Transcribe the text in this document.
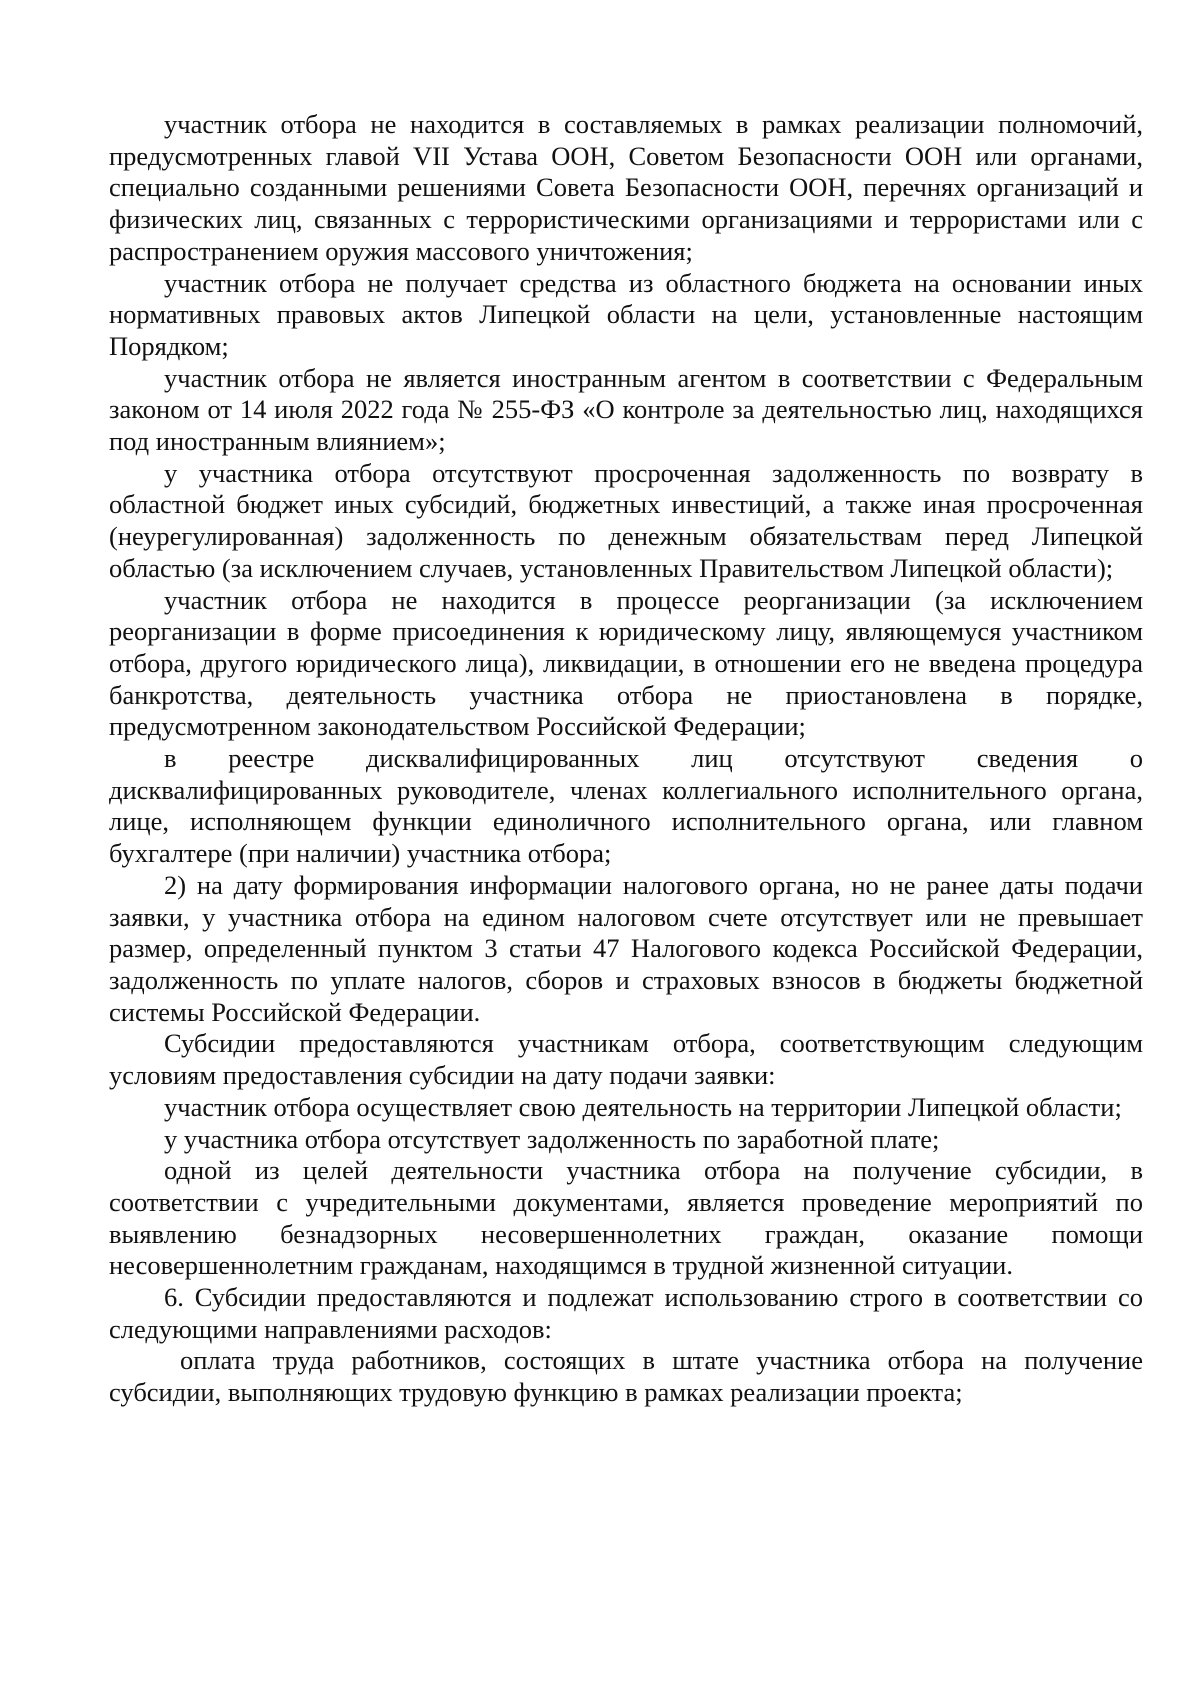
участник отбора не находится в составляемых в рамках реализации полномочий, предусмотренных главой VII Устава ООН, Советом Безопасности ООН или органами, специально созданными решениями Совета Безопасности ООН, перечнях организаций и физических лиц, связанных с террористическими организациями и террористами или с распространением оружия массового уничтожения;

участник отбора не получает средства из областного бюджета на основании иных нормативных правовых актов Липецкой области на цели, установленные настоящим Порядком;

участник отбора не является иностранным агентом в соответствии с Федеральным законом от 14 июля 2022 года № 255-ФЗ «О контроле за деятельностью лиц, находящихся под иностранным влиянием»;

у участника отбора отсутствуют просроченная задолженность по возврату в областной бюджет иных субсидий, бюджетных инвестиций, а также иная просроченная (неурегулированная) задолженность по денежным обязательствам перед Липецкой областью (за исключением случаев, установленных Правительством Липецкой области);

участник отбора не находится в процессе реорганизации (за исключением реорганизации в форме присоединения к юридическому лицу, являющемуся участником отбора, другого юридического лица), ликвидации, в отношении его не введена процедура банкротства, деятельность участника отбора не приостановлена в порядке, предусмотренном законодательством Российской Федерации;

в реестре дисквалифицированных лиц отсутствуют сведения о дисквалифицированных руководителе, членах коллегиального исполнительного органа, лице, исполняющем функции единоличного исполнительного органа, или главном бухгалтере (при наличии) участника отбора;

2) на дату формирования информации налогового органа, но не ранее даты подачи заявки, у участника отбора на едином налоговом счете отсутствует или не превышает размер, определенный пунктом 3 статьи 47 Налогового кодекса Российской Федерации, задолженность по уплате налогов, сборов и страховых взносов в бюджеты бюджетной системы Российской Федерации.

Субсидии предоставляются участникам отбора, соответствующим следующим условиям предоставления субсидии на дату подачи заявки:

участник отбора осуществляет свою деятельность на территории Липецкой области;

у участника отбора отсутствует задолженность по заработной плате;

одной из целей деятельности участника отбора на получение субсидии, в соответствии с учредительными документами, является проведение мероприятий по выявлению безнадзорных несовершеннолетних граждан, оказание помощи несовершеннолетним гражданам, находящимся в трудной жизненной ситуации.

6. Субсидии предоставляются и подлежат использованию строго в соответствии со следующими направлениями расходов:

оплата труда работников, состоящих в штате участника отбора на получение субсидии, выполняющих трудовую функцию в рамках реализации проекта;
